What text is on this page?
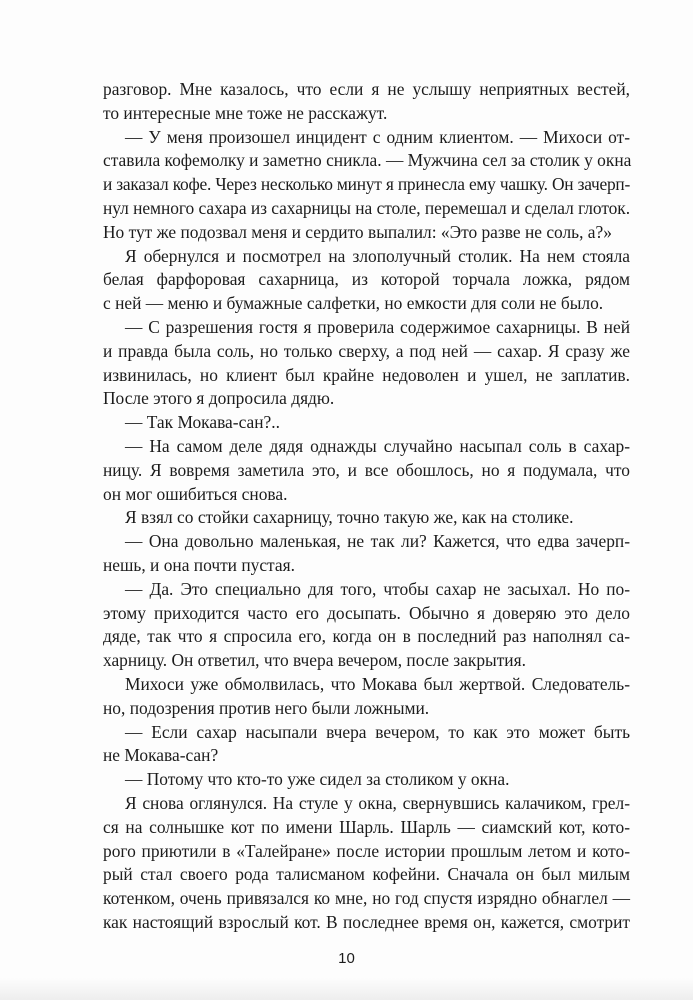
разговор. Мне казалось, что если я не услышу неприятных вестей,
то интересные мне тоже не расскажут.
— У меня произошел инцидент с одним клиентом. — Михоси от-
ставила кофемолку и заметно сникла. — Мужчина сел за столик у окна
и заказал кофе. Через несколько минут я принесла ему чашку. Он зачерп-
нул немного сахара из сахарницы на столе, перемешал и сделал глоток.
Но тут же подозвал меня и сердито выпалил: «Это разве не соль, а?»
Я обернулся и посмотрел на злополучный столик. На нем стояла
белая фарфоровая сахарница, из которой торчала ложка, рядом
с ней — меню и бумажные салфетки, но емкости для соли не было.
— С разрешения гостя я проверила содержимое сахарницы. В ней
и правда была соль, но только сверху, а под ней — сахар. Я сразу же
извинилась, но клиент был крайне недоволен и ушел, не заплатив.
После этого я допросила дядю.
— Так Мокава-сан?..
— На самом деле дядя однажды случайно насыпал соль в сахар-
ницу. Я вовремя заметила это, и все обошлось, но я подумала, что
он мог ошибиться снова.
Я взял со стойки сахарницу, точно такую же, как на столике.
— Она довольно маленькая, не так ли? Кажется, что едва зачерп-
нешь, и она почти пустая.
— Да. Это специально для того, чтобы сахар не засыхал. Но по-
этому приходится часто его досыпать. Обычно я доверяю это дело
дяде, так что я спросила его, когда он в последний раз наполнял са-
харницу. Он ответил, что вчера вечером, после закрытия.
Михоси уже обмолвилась, что Мокава был жертвой. Следователь-
но, подозрения против него были ложными.
— Если сахар насыпали вчера вечером, то как это может быть
не Мокава-сан?
— Потому что кто-то уже сидел за столиком у окна.
Я снова оглянулся. На стуле у окна, свернувшись калачиком, грел-
ся на солнышке кот по имени Шарль. Шарль — сиамский кот, кото-
рого приютили в «Талейране» после истории прошлым летом и кото-
рый стал своего рода талисманом кофейни. Сначала он был милым
котенком, очень привязался ко мне, но год спустя изрядно обнаглел —
как настоящий взрослый кот. В последнее время он, кажется, смотрит
10
